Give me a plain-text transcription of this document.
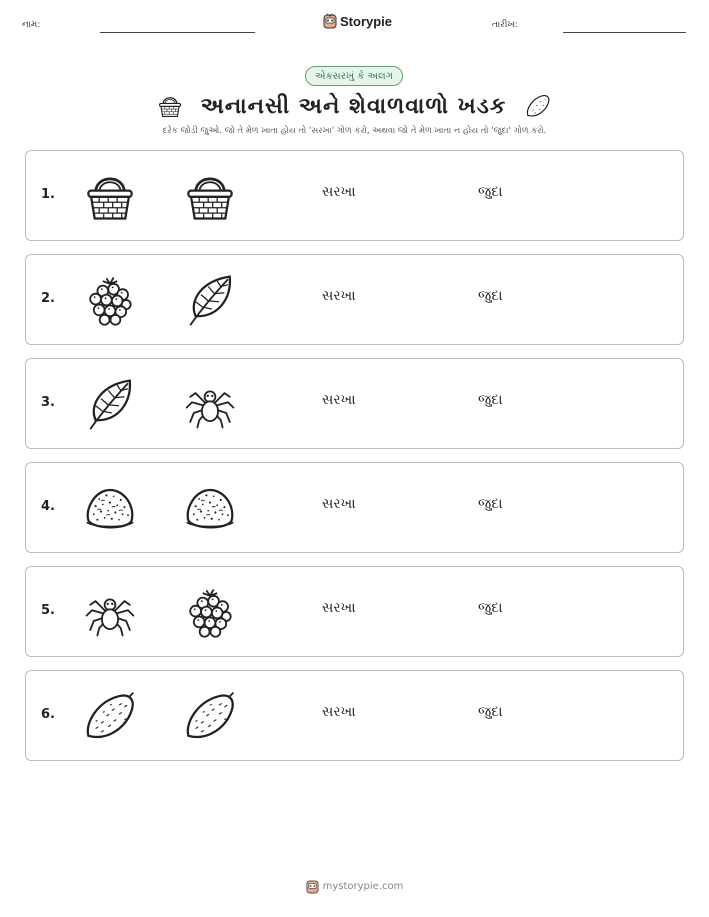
નામ:	Storypie	તારીખ:
એકસરખું કે અલગ
અનાનસી અને શેવાળવાળો ખડક
દરેક જોડી જુઓ. જો તે મેળ ખાતા હોય તો 'સરખા' ગોળ કરો, અથવા જો તે મેળ ખાતા ન હોય તો 'જુદા' ગોળ કરો.
1.	સરખા	જુદા
2.	સરખા	જુદા
3.	સરખા	જુદા
4.	સરખા	જુદા
5.	સરખા	જુદા
6.	સરખા	જુદા
mystorypie.com
